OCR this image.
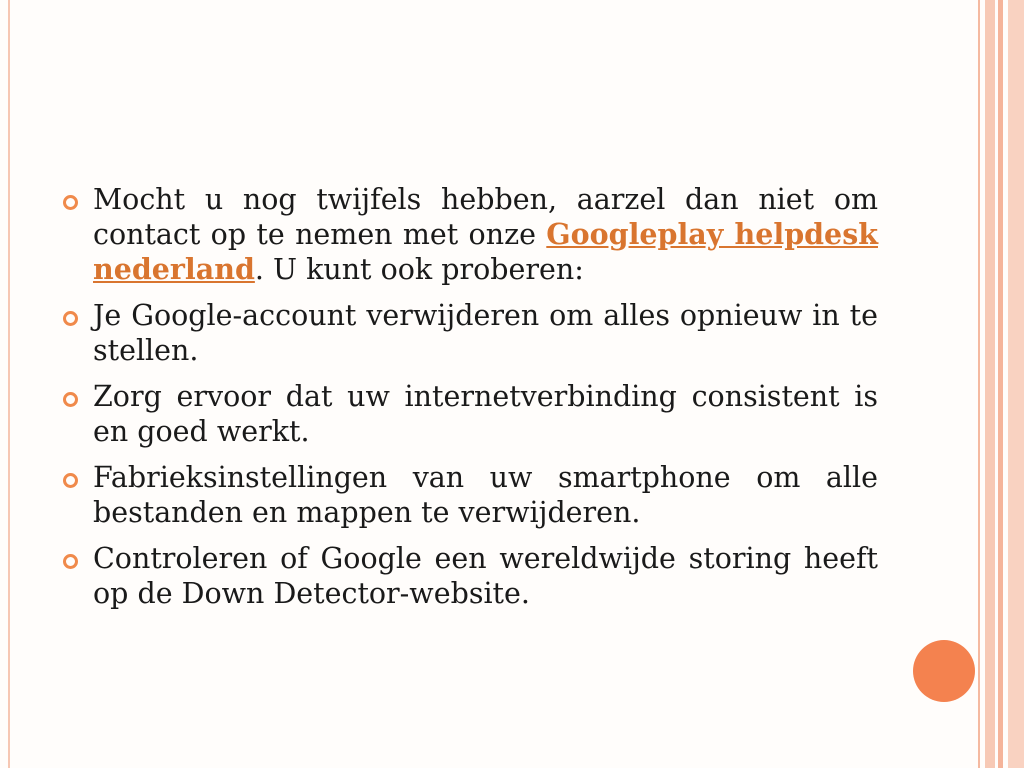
Mocht u nog twijfels hebben, aarzel dan niet om contact op te nemen met onze Googleplay helpdesk nederland. U kunt ook proberen:
Je Google-account verwijderen om alles opnieuw in te stellen.
Zorg ervoor dat uw internetverbinding consistent is en goed werkt.
Fabrieksinstellingen van uw smartphone om alle bestanden en mappen te verwijderen.
Controleren of Google een wereldwijde storing heeft op de Down Detector-website.
